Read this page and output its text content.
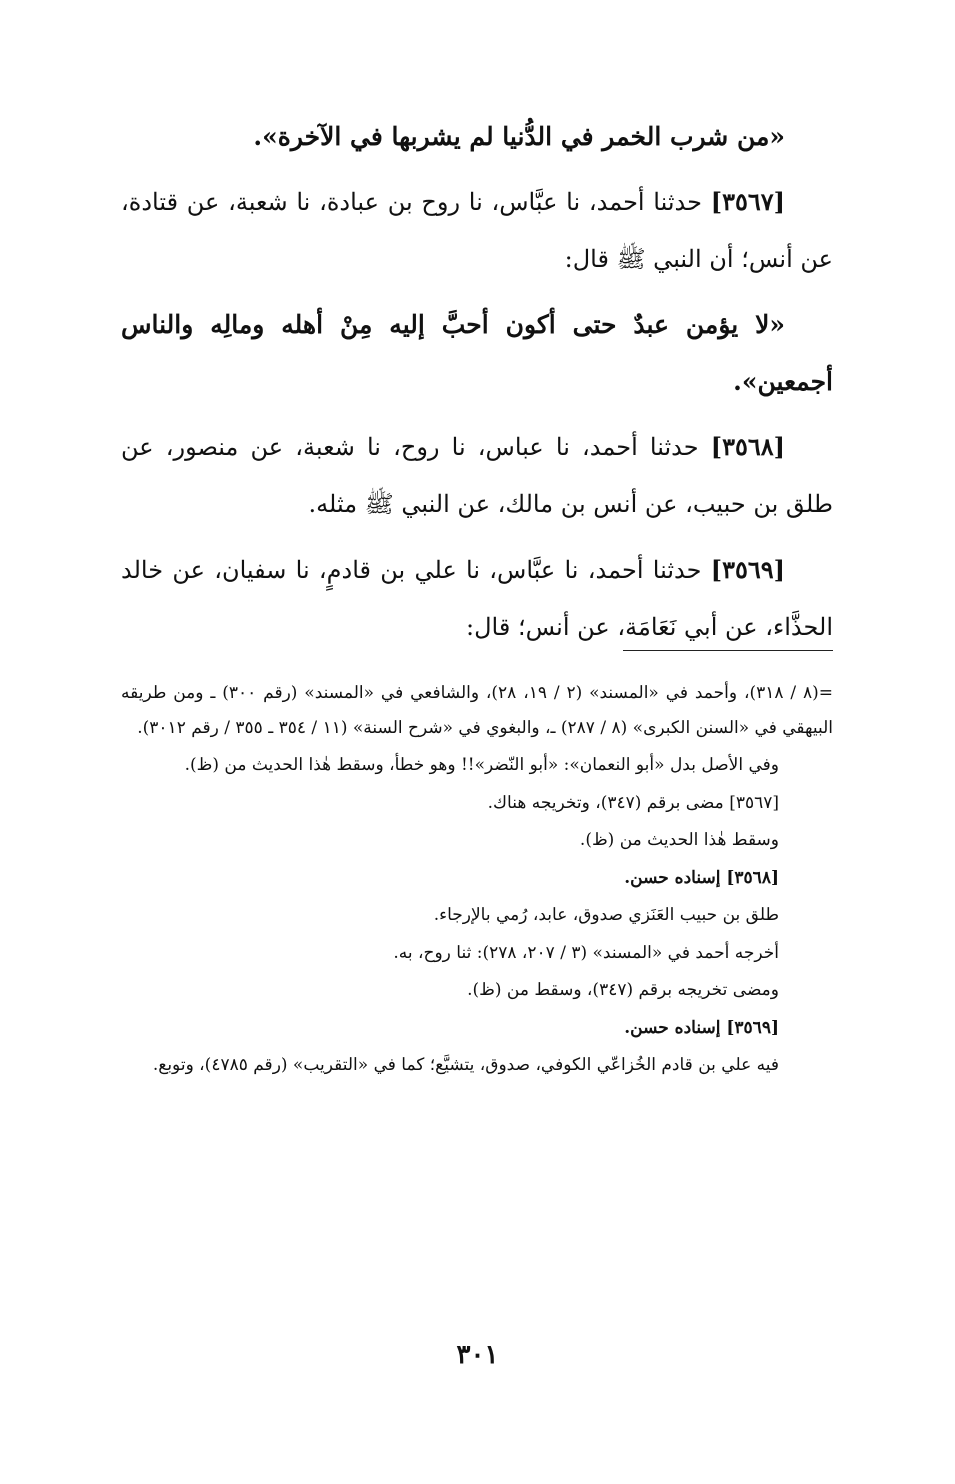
«من شرب الخمر في الدُّنيا لم يشربها في الآخرة».

[٣٥٦٧] حدثنا أحمد، نا عبَّاس، نا روح بن عبادة، نا شعبة، عن قتادة، عن أنس؛ أن النبي ﷺ قال:

«لا يؤمن عبدٌ حتى أكون أحبَّ إليه مِنْ أهله ومالِه والناس أجمعين».

[٣٥٦٨] حدثنا أحمد، نا عباس، نا روح، نا شعبة، عن منصور، عن طلق بن حبيب، عن أنس بن مالك، عن النبي ﷺ مثله.

[٣٥٦٩] حدثنا أحمد، نا عبَّاس، نا علي بن قادمٍ، نا سفيان، عن خالد الحذَّاء، عن أبي نَعَامَة، عن أنس؛ قال:

=(٨ / ٣١٨)، وأحمد في «المسند» (٢ / ١٩، ٢٨)، والشافعي في «المسند» (رقم ٣٠٠) ـ ومن طريقه البيهقي في «السنن الكبرى» (٨ / ٢٨٧) ـ، والبغوي في «شرح السنة» (١١ / ٣٥٤ ـ ٣٥٥ / رقم ٣٠١٢).

وفي الأصل بدل «أبو النعمان»: «أبو النّضر»!! وهو خطأ، وسقط هٰذا الحديث من (ظ).

[٣٥٦٧] مضى برقم (٣٤٧)، وتخريجه هناك.

وسقط هٰذا الحديث من (ظ).

[٣٥٦٨] إسناده حسن.

طلق بن حبيب العَنَزي صدوق، عابد، رُمي بالإرجاء.

أخرجه أحمد في «المسند» (٣ / ٢٠٧، ٢٧٨): ثنا روح، به.

ومضى تخريجه برقم (٣٤٧)، وسقط من (ظ).

[٣٥٦٩] إسناده حسن.

فيه علي بن قادم الخُزاعّي الكوفي، صدوق، يتشيَّع؛ كما في «التقريب» (رقم ٤٧٨٥)، وتوبع.

٣٠١
